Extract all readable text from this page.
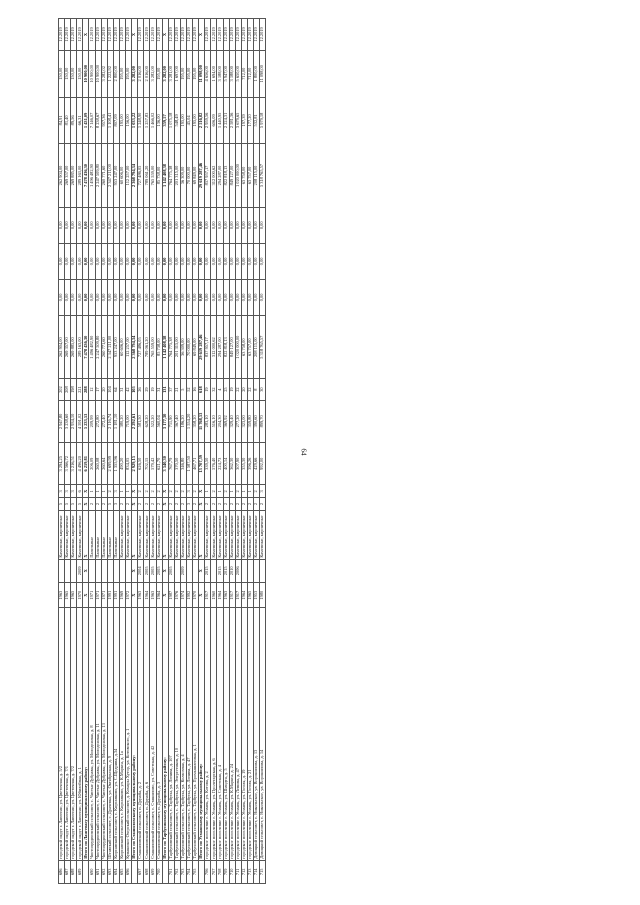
64
686	городской округ г. Лангепас, ул. Цветочная, д. 5/2	1963		Каменные, кирпичные	5	3	3 294,25	2 947,80	202	262 904,00	0,00	0,00	0,00	262 904,00	84,91	150,00	12.2019
687	городской округ г. Лангепас, ул. Цветочная, д. 7/1	1965		Каменные, кирпичные	5	3	3 566,72	3 238,60	208	269 357,00	0,00	0,00	0,00	269 357,00	81,40	150,00	12.2019
688	городской округ г. Лангепас, ул. Цветочная, д. 7/2	1965		Каменные, кирпичные	5	3	3 216,51	2 934,10	198	269 885,00	0,00	0,00	0,00	269 885,00	89,56	150,00	12.2019
689	городской округ г. Лангепас, ул. Юбилейная, д. 1	1970	2009	Каменные, кирпичные	5	6	4 496,20	4 591,02	221	289 163,00	0,00	0,00	0,00	289 163,00	66,31	150,00	12.2019
	Итого по Лангепасу муниципальному району:	X	X	X	X	X	6 259,81	5 233,53	288	7 478 436,30	0,00	0,00	0,00	7 478 436,30	1 431,09	10 900,00	X
690	Чистопрудненский сельсовет, с. Чистые Дубравы, ул. Молодежная, д. 8	1971		Панельные	2	1	206,09	209,99	12	1 496 482,90	0,00	0,00	0,00	1 496 482,90	7 146,07	10 900,00	12.2019
691	Чистопрудненский сельсовет, с. Чистые Дубравы, ул. Молодежная, д. 11	1971		Панельные	2	1	260,08	272,80	17	2 247 509,80	0,00	0,00	0,00	2 247 509,80	8 238,67	10 900,00	12.2019
692	Чистопрудненский сельсовет, с. Чистые Дубравы, ул. Молодежная, д. 13	1971		Панельные	2	1	260,64	272,40	20	260 771,60	0,00	0,00	0,00	260 771,60	957,36	3 282,02	12.2019
693	Штавский сельсовет, с. Драчевка, ул. Октябрьская, д. 9	1991		Панельные	5	2	2 699,99	2 116,74	104	2 347 211,00	0,00	0,00	0,00	2 347 211,00	1 108,41	1 222,92	12.2019
694	Кирсанский сельсовет, с. Кирсанково, ул. С.Щедрина, д.34	1991		Панельные	3	3	1 355,96	1 181,10	64	953 247,00	0,00	0,00	0,00	953 247,00	807,09	2 800,00	12.2019
695	Кирсанский сельсовет, с. Кирсанково, ул. К.Маркса, д. 1а	1969		Каменные, кирпичные	2	1	490,20	380,20	31	60 606,00	0,00	0,00	0,00	60 606,00	195,00	195,00	12.2019
696	Кувашское Озерский сельсовет, д. Комары Хутор, ул. Котовского, д. 1	1972		Каменные, кирпичные	2	1	834,05	719,00	42	112 257,00	0,00	0,00	0,00	112 257,00	156,00	195,00	12.2019
	Итого по Сташиловскому муниципальному району:	X	X	X	X	X	2 929,15	2 292,61	105	2 368 794,34	0,00	0,00	0,00	2 368 794,34	1 033,22	3 282,00	X
697	Сташиловский сельсовет, п. Дружба, д. 2	1963	2004	Каменные, кирпичные	2	2	626,50	581,50	26	727 486,05	0,00	0,00	0,00	727 486,05	1 248,90	2 016,00	12.2019
698	Сташиловский сельсовет, п. Дружба, д. 6	1964	2005	Каменные, кирпичные	2	2	702,15	628,20	29	789 061,20	0,00	0,00	0,00	789 061,20	1 257,83	2 016,00	12.2019
699	Сташиловский сельсовет, с. Сташилово, ул. Советская, д. 42	1963	2005	Каменные, кирпичные	2	2	579,42	522,20	19	765 559,00	0,00	0,00	0,00	765 559,00	1 466,02	3 282,00	12.2019
700	Сташиловский сельсовет, п. Дружба, д. 3	1964	2005	Каменные, кирпичные	2	2	621,70	560,04	31	85 738,00	0,00	0,00	0,00	85 738,00	136,00	195,00	12.2019
	Итого по Тарбусинскому муниципальному району:	X	X	X	X	X	3 540,30	3 177,30	131	1 142 408,38	0,00	0,00	0,00	1 142 408,38	359,57	3 282,00	X
701	Тарбусинский сельсовет, с. Тарбусы, ул. Ленина, д. 107	1987	2005	Каменные, кирпичные	2	2	767,79	711,90	37	764 775,38	0,00	0,00	0,00	764 775,38	1 075,18	3 281,00	12.2019
702	Тарбусинский сельсовет, с. Тарбусы, ул. Энергетиков, д. 10	1976		Каменные, кирпичные	2	2	370,50	367,40	21	201 315,00	0,00	0,00	0,00	201 315,00	548,49	1 697,00	12.2019
703	Тарбусинский сельсовет, с. Тарбусы, ул. Колхозная, д. 4	1974	2009	Каменные, кирпичные	2	2	346,80	186,20	5	36 309,00	0,00	0,00	0,00	36 309,00	195,00	195,00	12.2019
704	Тарбусинский сельсовет, с. Тарбусы, ул. Ленина, д. 47	1992		Каменные, кирпичные	3	3	1 587,50	1 554,20	52	70 000,00	0,00	0,00	0,00	70 000,00	45,04	195,00	12.2019
705	Тарбусинский сельсовет, с. Тарбусы, ул. Промышленная, д. 1	1970		Каменные, кирпичные	2	2	467,71	358,20	16	69 849,00	0,00	0,00	0,00	69 849,00	195,00	195,00	12.2019
	Итого по Усманскому муниципальному району:	X	X	X	X	X	13 707,59	11 768,53	618	29 619 287,46	0,00	0,00	0,00	29 619 287,46	2 516,82	11 098,00	X
706	городское поселение г. Усмань, ул. Котова, д. 2	1917	2015	Каменные, кирпичные	2	1	339,50	283,10	19	837 957,17	0,00	0,00	0,00	837 957,17	2 959,56	4 656,00	12.2019
707	городское поселение г. Усмань, ул. Пролетарская, д. 6	1960		Каменные, кирпичные	2	2	576,40	516,10	32	312 000,62	0,00	0,00	0,00	312 000,62	606,09	1 694,00	12.2019
708	городское поселение г. Усмань, ул. Советская, д. 4	1964	2015	Каменные, кирпичные	2	1	224,73	204,30	4	294 287,00	0,00	0,00	0,00	294 287,00	1 440,95	3 188,00	12.2019
709	городское поселение г. Усмань, ул. Шмидта, д. 5	1963	2015	Каменные, кирпичные	2	2	400,14	369,92	25	822 818,13	0,00	0,00	0,00	822 818,13	2 224,31	5 947,00	12.2019
710	городское поселение г. Усмань, ул. К.Маркса, д. 24	1917	2010	Каменные, кирпичные	2	1	362,30	329,40	19	849 127,00	0,00	0,00	0,00	849 127,00	2 581,36	3 188,00	12.2019
711	городское поселение г. Усмань, ул. Ленина, д. 47	1917	2006	Каменные, кирпичные	2	2	307,90	277,20	22	1 020 000,00	0,00	0,00	0,00	1 020 000,00	3 679,65	5 650,00	12.2019
712	городское поселение г. Усмань, ул. Гоголя, д. 19	1964		Каменные, кирпичные	2	1	355,30	323,00	20	63 758,00	0,00	0,00	0,00	63 758,00	197,39	712,00	12.2019
713	городское поселение г. Усмань, ул. Гоголя, д. 21	1965		Каменные, кирпичные	2	1	396,26	359,80	22	63 757,00	0,00	0,00	0,00	63 757,00	177,20	712,00	12.2019
714	Девицкий сельсовет, с. Никольское, ул. Ворошилова, д. 13	1953		Каменные, кирпичные	2	2	429,66	390,60	8	208 115,00	0,00	0,00	0,00	208 115,00	532,81	1 800,00	12.2019
715	Девицкий сельсовет, с. Никольское, ул. Ворошилова, д. 14	1980		Каменные, кирпичные	2	3	992,00	899,70	30	5 318 765,57	0,00	0,00	0,00	5 318 765,57	5 979,18	11 098,00	12.2019
